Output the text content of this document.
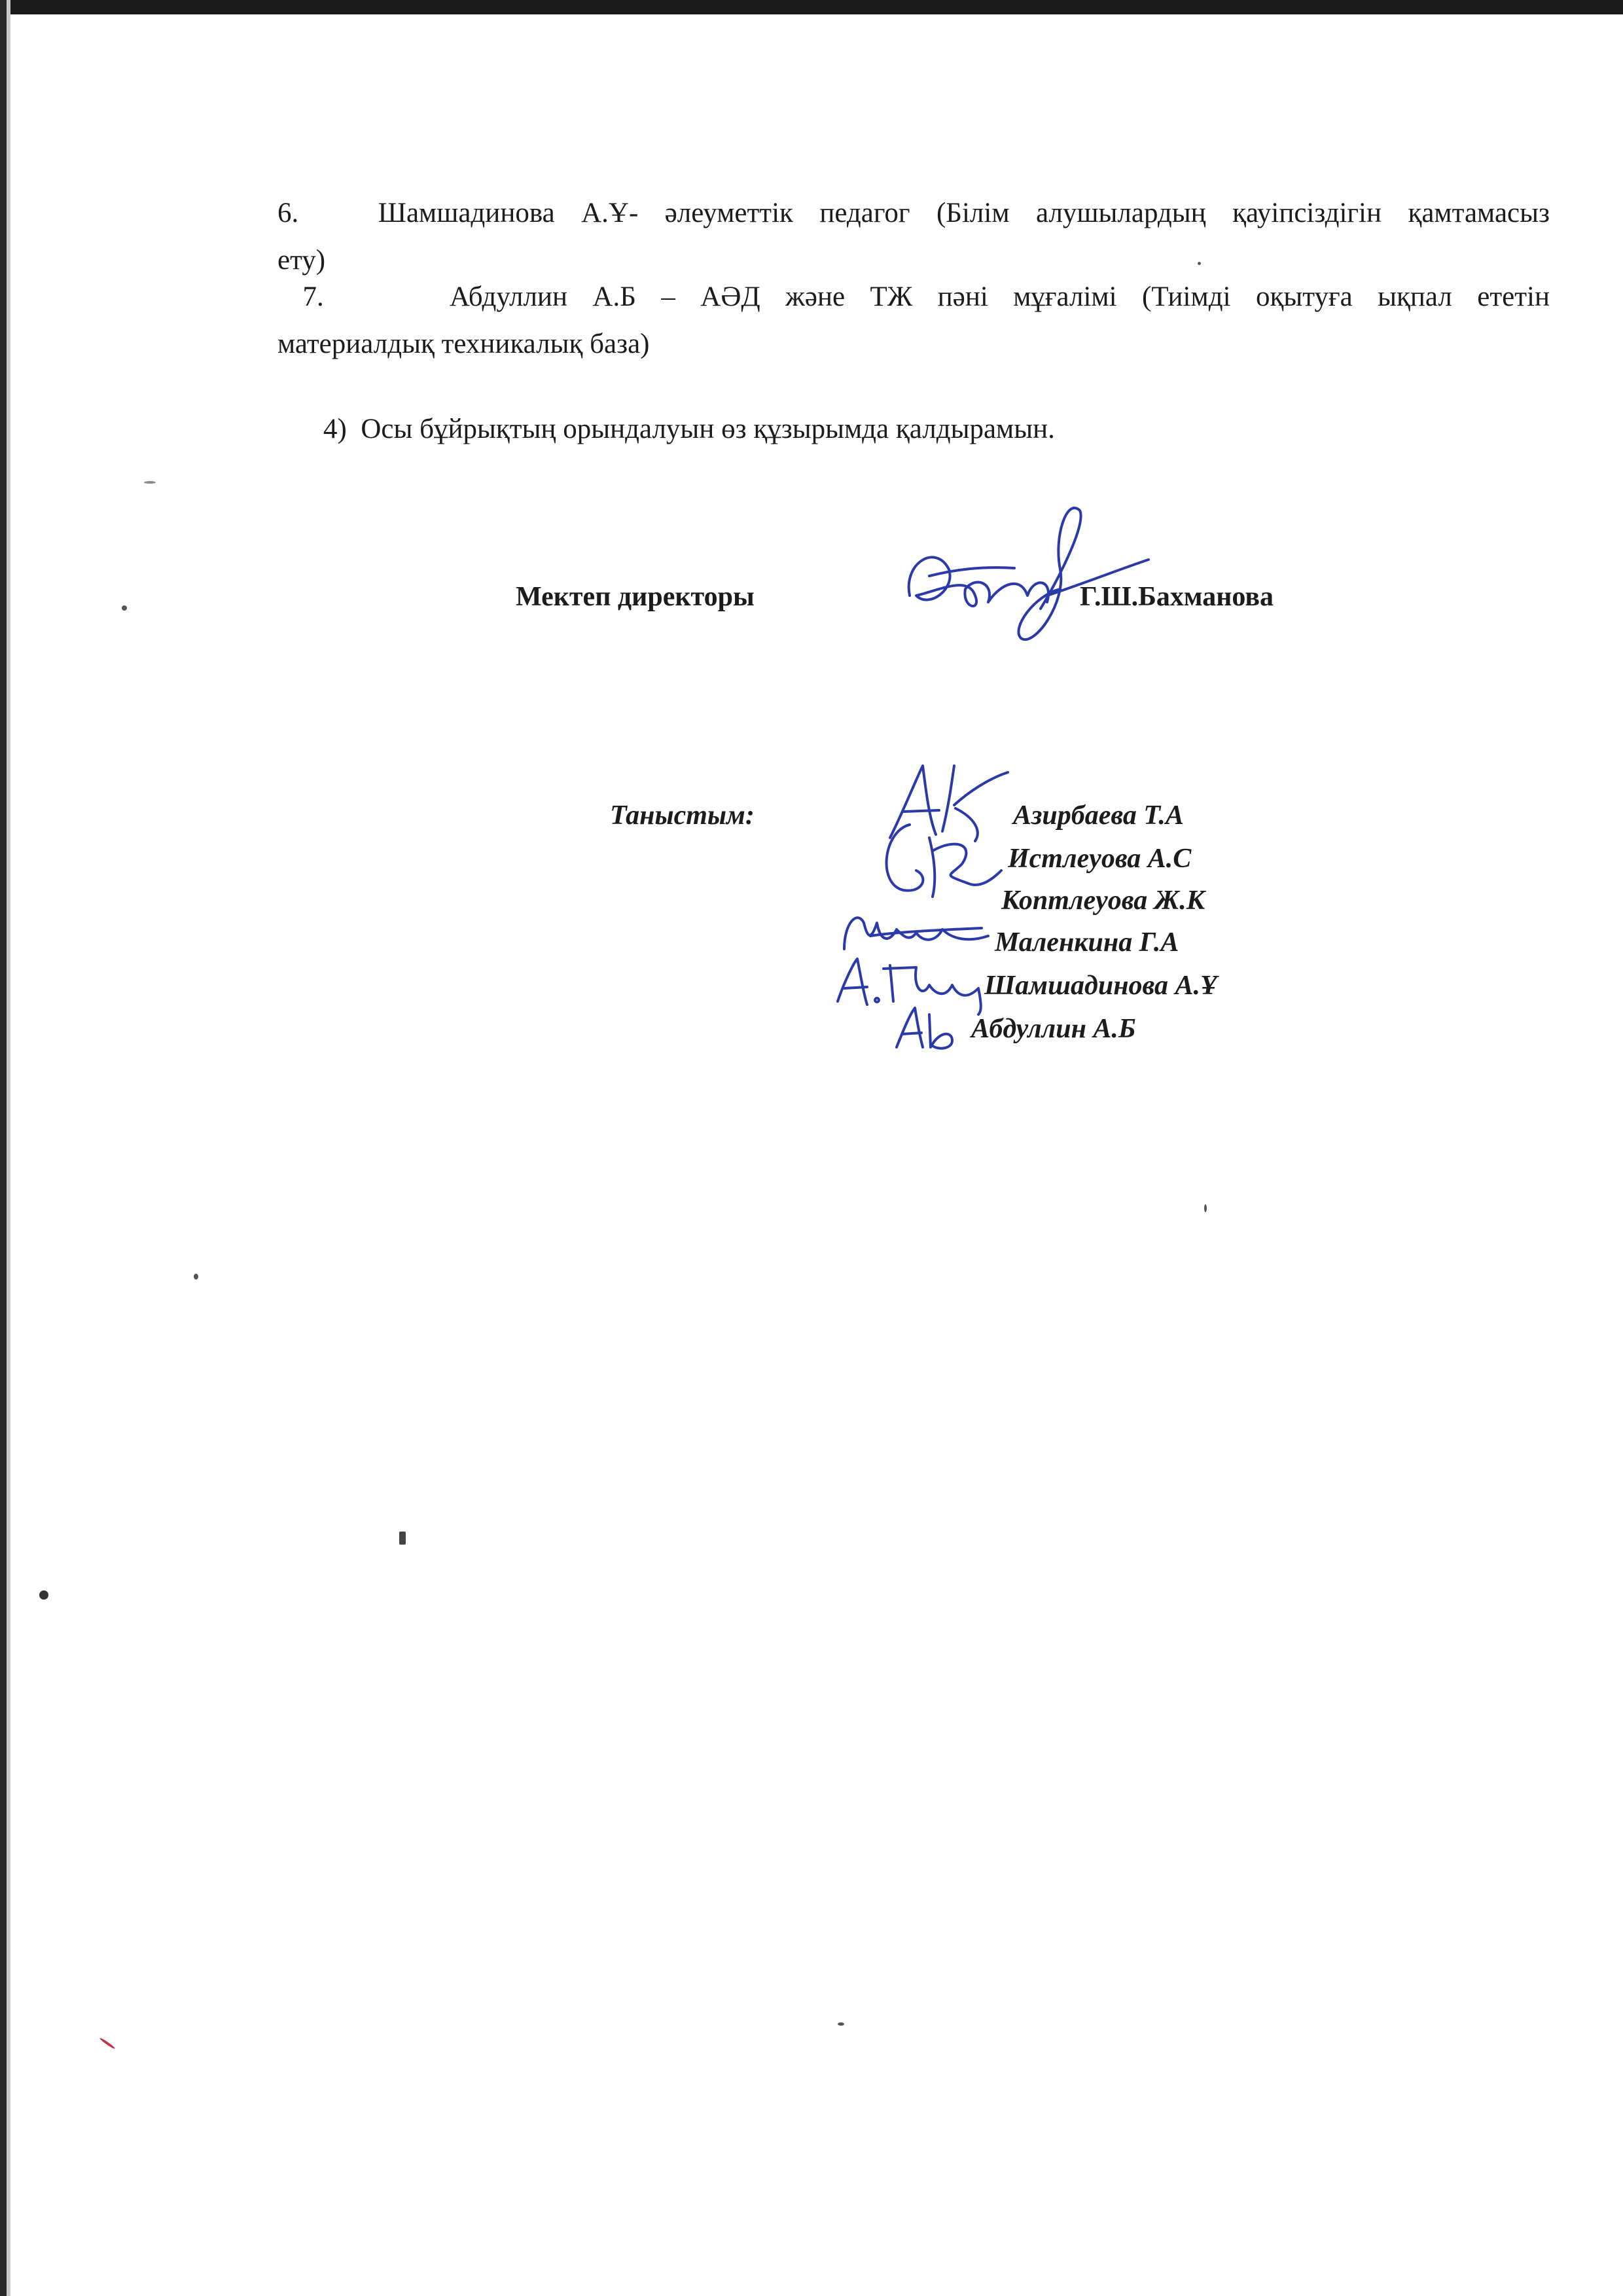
6.	Шамшадинова А.Ұ- әлеуметтік педагог (Білім алушылардың қауіпсіздігін қамтамасыз

ету)

7.	Абдуллин А.Б – АӘД және ТЖ пәні мұғалімі (Тиімді оқытуға ықпал ететін

материалдық техникалық база)

4) Осы бұйрықтың орындалуын өз құзырымда қалдырамын.

Мектеп директоры	Г.Ш.Бахманова
Таныстым:	Азирбаева Т.А
Истлеуова А.С
Коптлеуова Ж.К
Маленкина Г.А
Шамшадинова А.Ұ
Абдуллин А.Б
